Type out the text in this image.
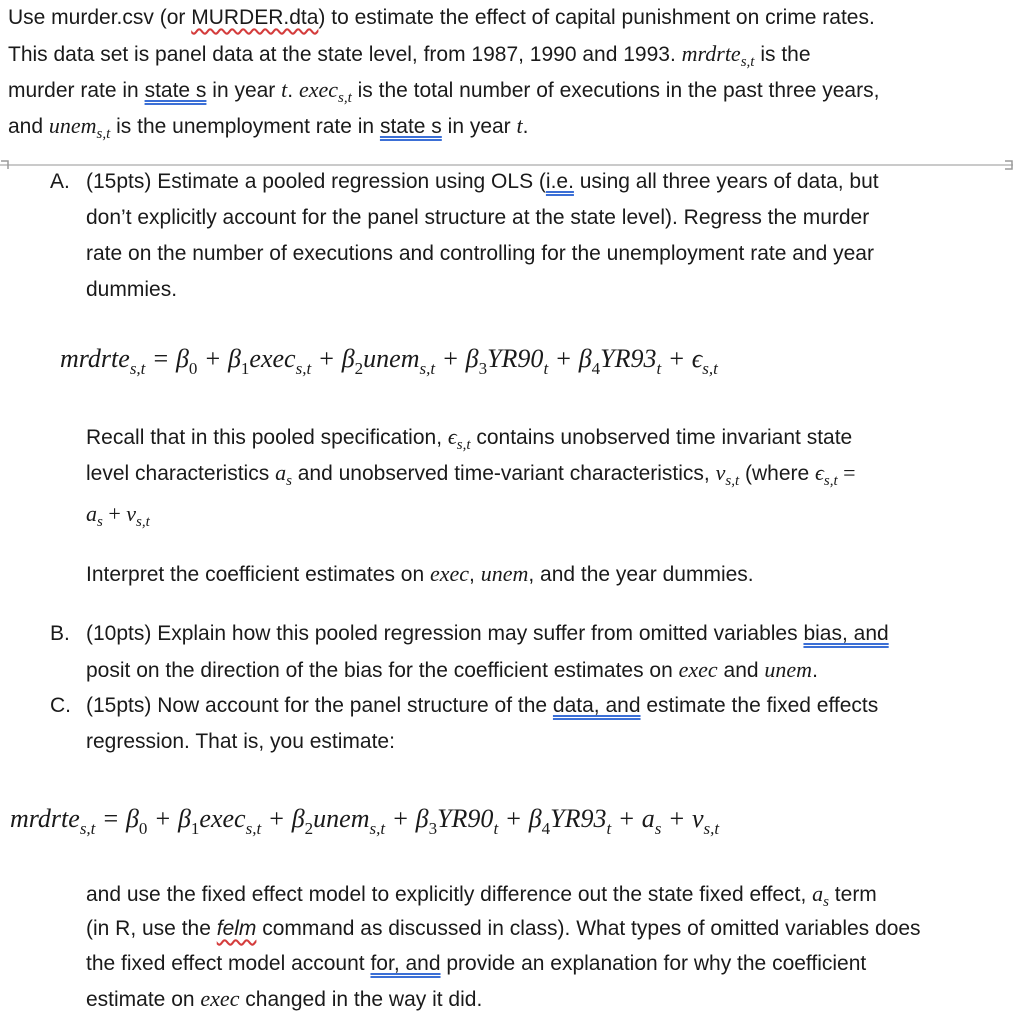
Use murder.csv (or MURDER.dta) to estimate the effect of capital punishment on crime rates.
This data set is panel data at the state level, from 1987, 1990 and 1993. mrdrte$_{s,t}$ is the
murder rate in state s in year t. exec$_{s,t}$ is the total number of executions in the past three years,
and unem$_{s,t}$ is the unemployment rate in state s in year t.
A. (15pts) Estimate a pooled regression using OLS (i.e. using all three years of data, but
don’t explicitly account for the panel structure at the state level). Regress the murder
rate on the number of executions and controlling for the unemployment rate and year
dummies.
mrdrte$_{s,t}$ = $\beta_0$ + $\beta_1exec_{s,t}$ + $\beta_2unem_{s,t} + \beta_3YR90_t + \beta_4YR93_t + \epsilon_{s,t}$
Recall that in this pooled specification, $\epsilon_{s,t}$ contains unobserved time invariant state
level characteristics $a_s$ and unobserved time-variant characteristics, $v_{s,t}$ (where $\epsilon_{s,t}$ =
$a_s + v_{s,t}$
Interpret the coefficient estimates on exec, unem, and the year dummies.
B. (10pts) Explain how this pooled regression may suffer from omitted variables bias, and
posit on the direction of the bias for the coefficient estimates on exec and unem.
C. (15pts) Now account for the panel structure of the data, and estimate the fixed effects
regression. That is, you estimate:
mrdrte$_{s,t}$ = $\beta_0$ + $\beta_1exec_{s,t}$ + $\beta_2unem_{s,t} + \beta_3YR90_t + \beta_4YR93_t + a_s + v_{s,t}$
and use the fixed effect model to explicitly difference out the state fixed effect, $a_s$ term
(in R, use the felm command as discussed in class). What types of omitted variables does
the fixed effect model account for, and provide an explanation for why the coefficient
estimate on exec changed in the way it did.
